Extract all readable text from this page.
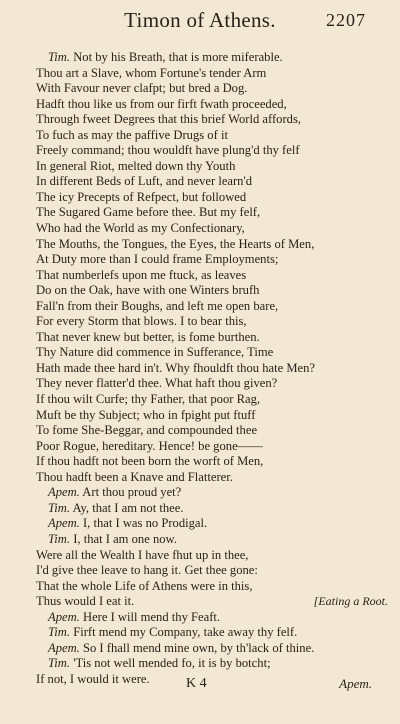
Timon of Athens.	2207
Tim. Not by his Breath, that is more miferable.
Thou art a Slave, whom Fortune's tender Arm
With Favour never clafpt; but bred a Dog.
Hadft thou like us from our firft fwath proceeded,
Through fweet Degrees that this brief World affords,
To fuch as may the paffive Drugs of it
Freely command; thou wouldft have plung'd thy felf
In general Riot, melted down thy Youth
In different Beds of Luft, and never learn'd
The icy Precepts of Refpect, but followed
The Sugared Game before thee. But my felf,
Who had the World as my Confectionary,
The Mouths, the Tongues, the Eyes, the Hearts of Men,
At Duty more than I could frame Employments;
That numberlefs upon me ftuck, as leaves
Do on the Oak, have with one Winters brufh
Fall'n from their Boughs, and left me open bare,
For every Storm that blows. I to bear this,
That never knew but better, is fome burthen.
Thy Nature did commence in Sufferance, Time
Hath made thee hard in't. Why fhouldft thou hate Men?
They never flatter'd thee. What haft thou given?
If thou wilt Curfe; thy Father, that poor Rag,
Muft be thy Subject; who in fpight put ftuff
To fome She-Beggar, and compounded thee
Poor Rogue, hereditary. Hence! be gone——
If thou hadft not been born the worft of Men,
Thou hadft been a Knave and Flatterer.
Apem. Art thou proud yet?
Tim. Ay, that I am not thee.
Apem. I, that I was no Prodigal.
Tim. I, that I am one now.
Were all the Wealth I have fhut up in thee,
I'd give thee leave to hang it. Get thee gone:
That the whole Life of Athens were in this,
Thus would I eat it.	[Eating a Root.
Apem. Here I will mend thy Feaft.
Tim. Firft mend my Company, take away thy felf.
Apem. So I fhall mend mine own, by th'lack of thine.
Tim. 'Tis not well mended fo, it is by botcht;
If not, I would it were.	K 4	Apem.
